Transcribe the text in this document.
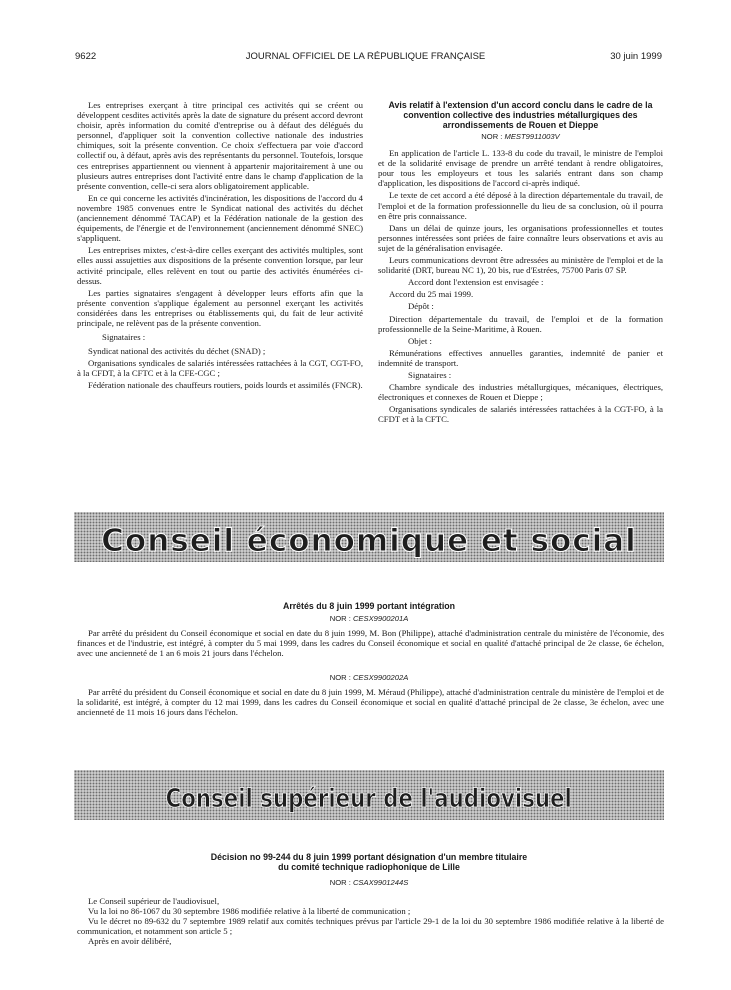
9622	JOURNAL OFFICIEL DE LA RÉPUBLIQUE FRANÇAISE	30 juin 1999

Les entreprises exerçant à titre principal ces activités qui se créent ou développent cesdites activités après la date de signature du présent accord devront choisir, après information du comité d'entreprise ou à défaut des délégués du personnel, d'appliquer soit la convention collective nationale des industries chimiques, soit la présente convention. Ce choix s'effectuera par voie d'accord collectif ou, à défaut, après avis des représentants du personnel. Toutefois, lorsque ces entreprises appartiennent ou viennent à appartenir majoritairement à une ou plusieurs autres entreprises dont l'activité entre dans le champ d'application de la présente convention, celle-ci sera alors obligatoirement applicable.

En ce qui concerne les activités d'incinération, les dispositions de l'accord du 4 novembre 1985 convenues entre le Syndicat national des activités du déchet (anciennement dénommé TACAP) et la Fédération nationale de la gestion des équipements, de l'énergie et de l'environnement (anciennement dénommé SNEC) s'appliquent.

Les entreprises mixtes, c'est-à-dire celles exerçant des activités multiples, sont elles aussi assujetties aux dispositions de la présente convention lorsque, par leur activité principale, elles relèvent en tout ou partie des activités énumérées ci-dessus.

Les parties signataires s'engagent à développer leurs efforts afin que la présente convention s'applique également au personnel exerçant les activités considérées dans les entreprises ou établissements qui, du fait de leur activité principale, ne relèvent pas de la présente convention.

Signataires :

Syndicat national des activités du déchet (SNAD) ;

Organisations syndicales de salariés intéressées rattachées à la CGT, CGT-FO, à la CFDT, à la CFTC et à la CFE-CGC ;

Fédération nationale des chauffeurs routiers, poids lourds et assimilés (FNCR).

Avis relatif à l'extension d'un accord conclu dans le cadre de la convention collective des industries métallurgiques des arrondissements de Rouen et Dieppe
NOR : MEST9911003V

En application de l'article L. 133-8 du code du travail, le ministre de l'emploi et de la solidarité envisage de prendre un arrêté tendant à rendre obligatoires, pour tous les employeurs et tous les salariés entrant dans son champ d'application, les dispositions de l'accord ci-après indiqué.

Le texte de cet accord a été déposé à la direction départementale du travail, de l'emploi et de la formation professionnelle du lieu de sa conclusion, où il pourra en être pris connaissance.

Dans un délai de quinze jours, les organisations professionnelles et toutes personnes intéressées sont priées de faire connaître leurs observations et avis au sujet de la généralisation envisagée.

Leurs communications devront être adressées au ministère de l'emploi et de la solidarité (DRT, bureau NC 1), 20 bis, rue d'Estrées, 75700 Paris 07 SP.

Accord dont l'extension est envisagée :

Accord du 25 mai 1999.

Dépôt :

Direction départementale du travail, de l'emploi et de la formation professionnelle de la Seine-Maritime, à Rouen.

Objet :

Rémunérations effectives annuelles garanties, indemnité de panier et indemnité de transport.

Signataires :

Chambre syndicale des industries métallurgiques, mécaniques, électriques, électroniques et connexes de Rouen et Dieppe ;

Organisations syndicales de salariés intéressées rattachées à la CGT-FO, à la CFDT et à la CFTC.

Conseil économique et social
Arrêtés du 8 juin 1999 portant intégration
NOR : CESX9900201A

Par arrêté du président du Conseil économique et social en date du 8 juin 1999, M. Bon (Philippe), attaché d'administration centrale du ministère de l'économie, des finances et de l'industrie, est intégré, à compter du 5 mai 1999, dans les cadres du Conseil économique et social en qualité d'attaché principal de 2e classe, 6e échelon, avec une ancienneté de 1 an 6 mois 21 jours dans l'échelon.

NOR : CESX9900202A

Par arrêté du président du Conseil économique et social en date du 8 juin 1999, M. Méraud (Philippe), attaché d'administration centrale du ministère de l'emploi et de la solidarité, est intégré, à compter du 12 mai 1999, dans les cadres du Conseil économique et social en qualité d'attaché principal de 2e classe, 3e échelon, avec une ancienneté de 11 mois 16 jours dans l'échelon.

Conseil supérieur de l'audiovisuel
Décision no 99-244 du 8 juin 1999 portant désignation d'un membre titulaire
du comité technique radiophonique de Lille
NOR : CSAX9901244S

Le Conseil supérieur de l'audiovisuel,

Vu la loi no 86-1067 du 30 septembre 1986 modifiée relative à la liberté de communication ;

Vu le décret no 89-632 du 7 septembre 1989 relatif aux comités techniques prévus par l'article 29-1 de la loi du 30 septembre 1986 modifiée relative à la liberté de communication, et notamment son article 5 ;

Après en avoir délibéré,
